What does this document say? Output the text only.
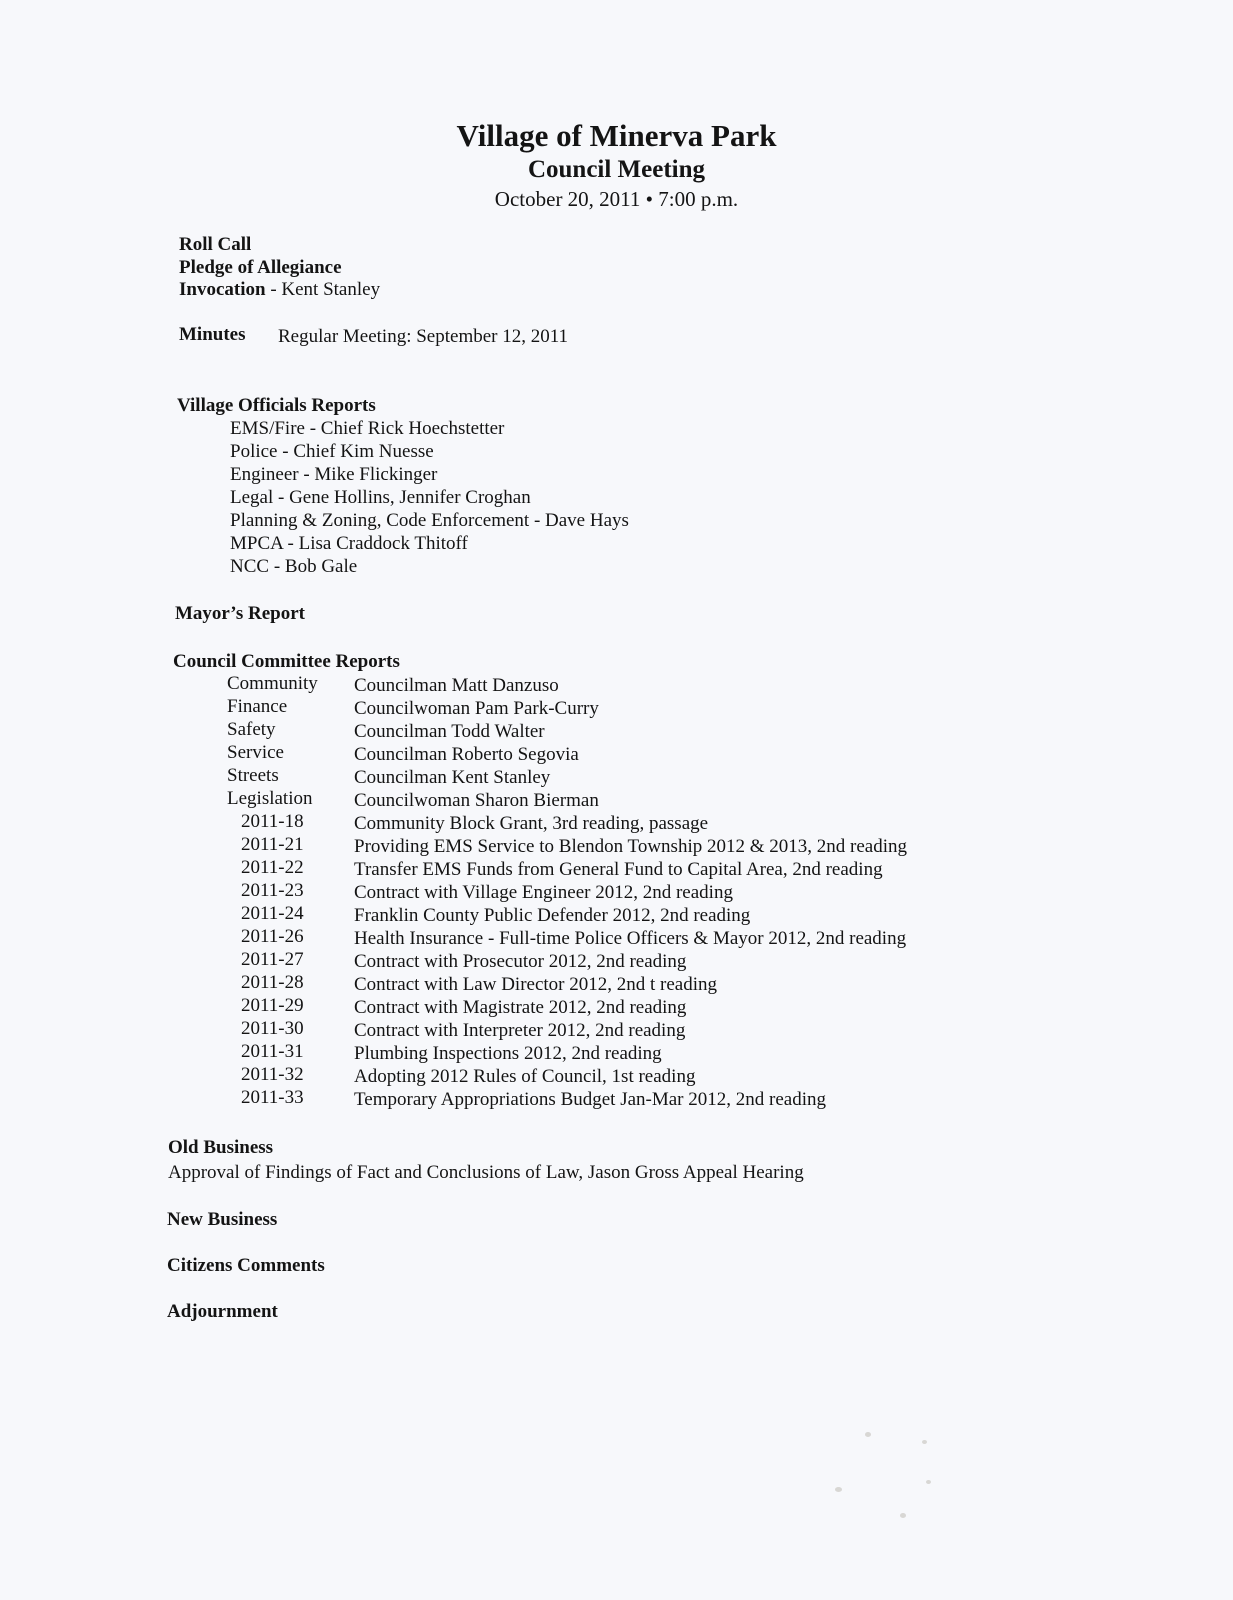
Village of Minerva Park
Council Meeting
October 20, 2011 • 7:00 p.m.
Roll Call
Pledge of Allegiance
Invocation- Kent Stanley
Minutes Regular Meeting: September 12, 2011
Village Officials Reports
EMS/Fire - Chief Rick Hoechstetter
Police - Chief Kim Nuesse
Engineer - Mike Flickinger
Legal - Gene Hollins, Jennifer Croghan
Planning & Zoning, Code Enforcement - Dave Hays
MPCA - Lisa Craddock Thitoff
NCC - Bob Gale
Mayor’s Report
Council Committee Reports
Community Councilman Matt Danzuso
Finance	Councilwoman Pam Park-Curry
Safety	Councilman Todd Walter
Service	Councilman Roberto Segovia
Streets	Councilman Kent Stanley
Legislation Councilwoman Sharon Bierman
2011-18	Community Block Grant, 3rd reading, passage
2011-21	Providing EMS Service to Blendon Township 2012 & 2013, 2nd reading
2011-22	Transfer EMS Funds from General Fund to Capital Area, 2nd reading
2011-23	Contract with Village Engineer 2012, 2nd reading
2011-24	Franklin County Public Defender 2012, 2nd reading
2011-26	Health Insurance - Full-time Police Officers & Mayor 2012, 2nd reading
2011-27	Contract with Prosecutor 2012, 2nd reading
2011-28	Contract with Law Director 2012, 2nd t reading
2011-29	Contract with Magistrate 2012, 2nd reading
2011-30	Contract with Interpreter 2012, 2nd reading
2011-31	Plumbing Inspections 2012, 2nd reading
2011-32	Adopting 2012 Rules of Council, 1st reading
2011-33	Temporary Appropriations Budget Jan-Mar 2012, 2nd reading
Old Business
Approval of Findings of Fact and Conclusions of Law, Jason Gross Appeal Hearing
New Business
Citizens Comments
Adjournment
